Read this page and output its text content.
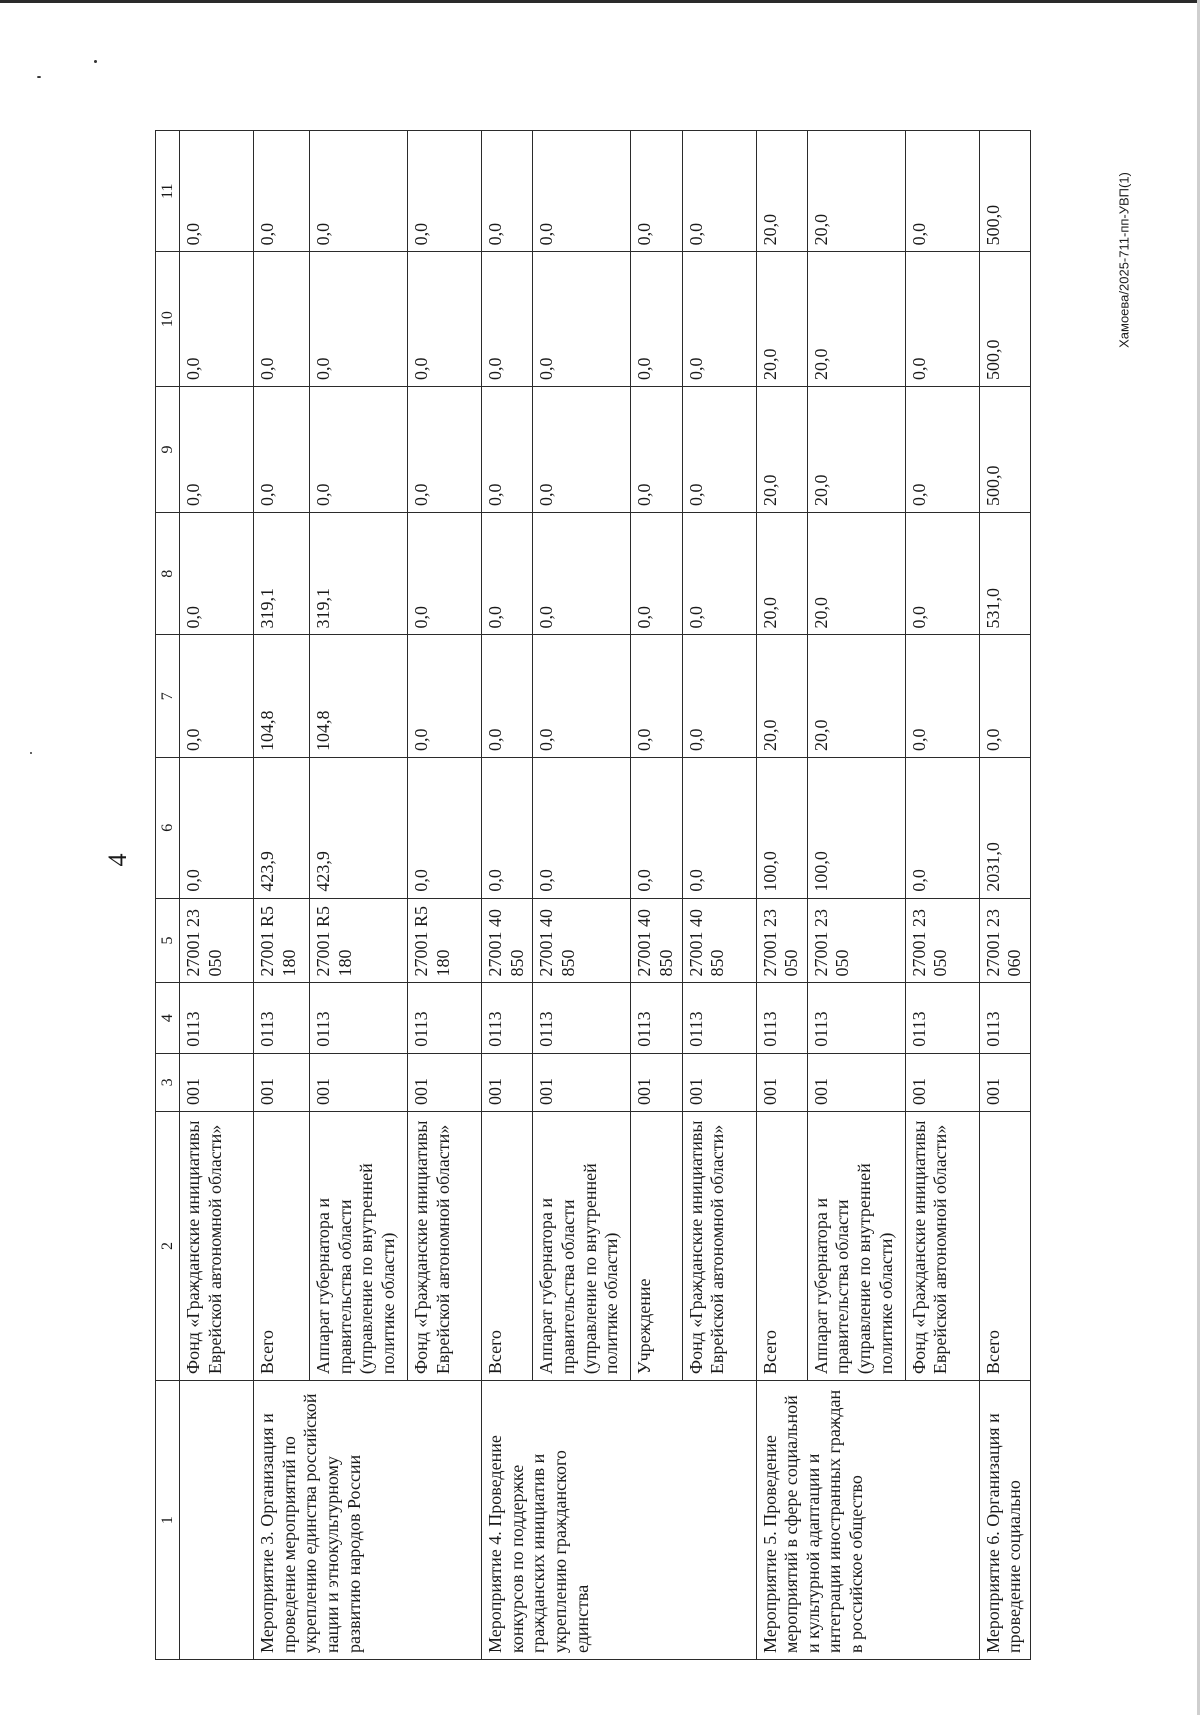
4
Хамоева/2025-711-пп-УВП(1)
1	2	3	4	5	6	7	8	9	10	11
	Фонд «Гражданские инициативы Еврейской автономной области»	001	0113	27001 23050	0,0	0,0	0,0	0,0	0,0	0,0
Мероприятие 3. Организация и проведение мероприятий по укреплению единства российской нации и этнокультурному развитию народов России	Всего	001	0113	27001 R5180	423,9	104,8	319,1	0,0	0,0	0,0
	Аппарат губернатора и правительства области (управление по внутренней политике области)	001	0113	27001 R5180	423,9	104,8	319,1	0,0	0,0	0,0
	Фонд «Гражданские инициативы Еврейской автономной области»	001	0113	27001 R5180	0,0	0,0	0,0	0,0	0,0	0,0
Мероприятие 4. Проведение конкурсов по поддержке гражданских инициатив и укреплению гражданского единства	Всего	001	0113	27001 40850	0,0	0,0	0,0	0,0	0,0	0,0
	Аппарат губернатора и правительства области (управление по внутренней политике области)	001	0113	27001 40850	0,0	0,0	0,0	0,0	0,0	0,0
	Учреждение	001	0113	27001 40850	0,0	0,0	0,0	0,0	0,0	0,0
	Фонд «Гражданские инициативы Еврейской автономной области»	001	0113	27001 40850	0,0	0,0	0,0	0,0	0,0	0,0
Мероприятие 5. Проведение мероприятий в сфере социальной и культурной адаптации и интеграции иностранных граждан в российское общество	Всего	001	0113	27001 23050	100,0	20,0	20,0	20,0	20,0	20,0
	Аппарат губернатора и правительства области (управление по внутренней политике области)	001	0113	27001 23050	100,0	20,0	20,0	20,0	20,0	20,0
	Фонд «Гражданские инициативы Еврейской автономной области»	001	0113	27001 23050	0,0	0,0	0,0	0,0	0,0	0,0
Мероприятие 6. Организация и проведение социально	Всего	001	0113	27001 23060	2031,0	0,0	531,0	500,0	500,0	500,0
